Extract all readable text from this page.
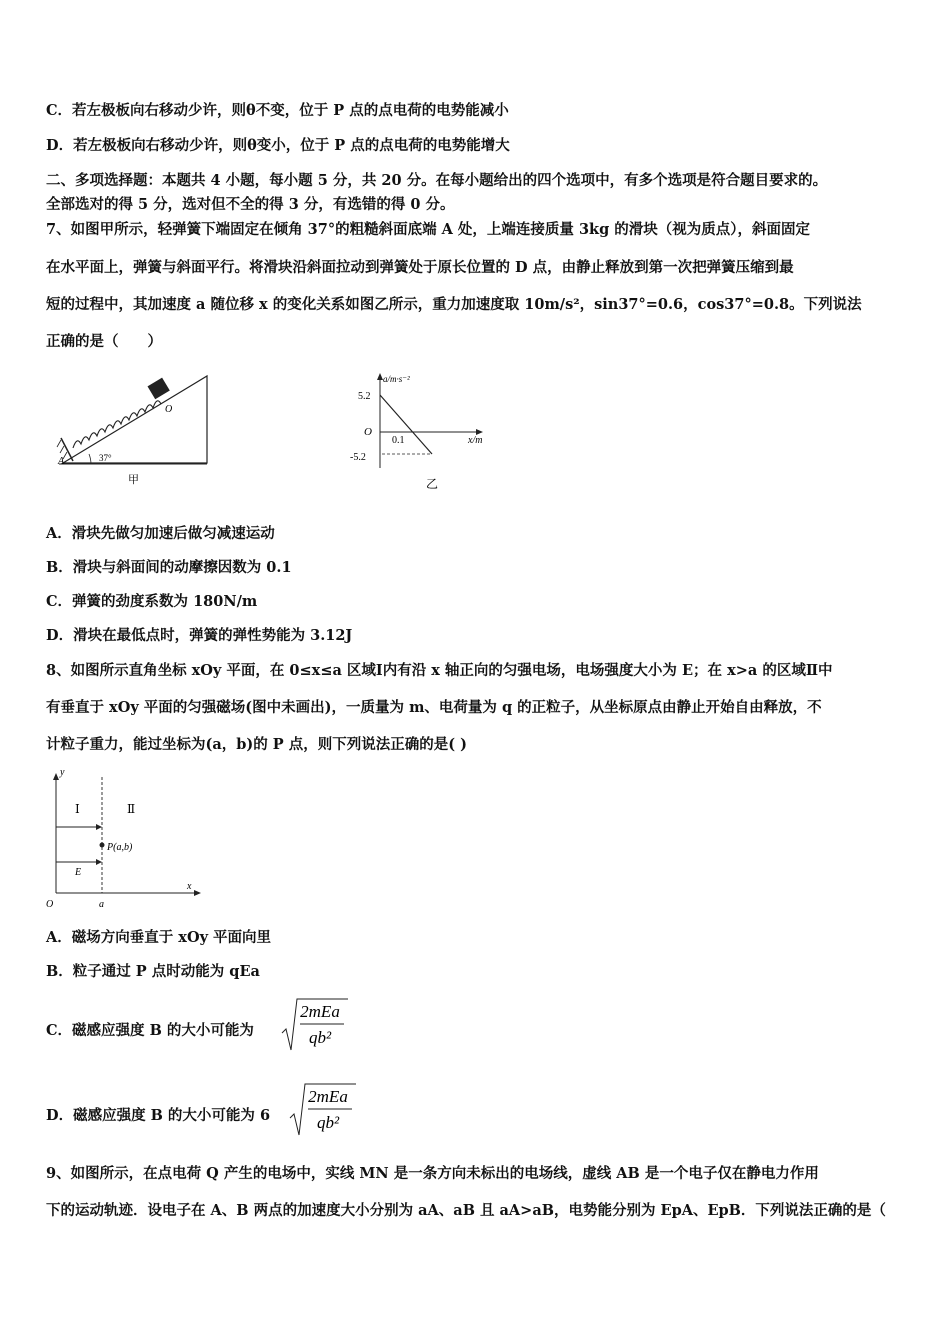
C．若左极板向右移动少许，则θ不变，位于 P 点的点电荷的电势能减小
D．若左极板向右移动少许，则θ变小，位于 P 点的点电荷的电势能增大
二、多项选择题：本题共 4 小题，每小题 5 分，共 20 分。在每小题给出的四个选项中，有多个选项是符合题目要求的。
全部选对的得 5 分，选对但不全的得 3 分，有选错的得 0 分。
7、如图甲所示，轻弹簧下端固定在倾角 37°的粗糙斜面底端 A 处，上端连接质量 3kg 的滑块（视为质点），斜面固定
在水平面上，弹簧与斜面平行。将滑块沿斜面拉动到弹簧处于原长位置的 D 点，由静止释放到第一次把弹簧压缩到最
短的过程中，其加速度 a 随位移 x 的变化关系如图乙所示，重力加速度取 10m/s²，sin37°=0.6，cos37°=0.8。下列说法
正确的是（　　）
O
A	37°
甲
a/m·s⁻²
5.2
O
0.1	x/m
-5.2
乙
A．滑块先做匀加速后做匀减速运动
B．滑块与斜面间的动摩擦因数为 0.1
C．弹簧的劲度系数为 180N/m
D．滑块在最低点时，弹簧的弹性势能为 3.12J
8、如图所示直角坐标 xOy 平面，在 0≤x≤a 区域Ⅰ内有沿 x 轴正向的匀强电场，电场强度大小为 E；在 x>a 的区域Ⅱ中
有垂直于 xOy 平面的匀强磁场(图中未画出)，一质量为 m、电荷量为 q 的正粒子，从坐标原点由静止开始自由释放，不
计粒子重力，能过坐标为(a，b)的 P 点，则下列说法正确的是( )
y
x
O	a
Ⅰ	Ⅱ
P(a,b)
E
A．磁场方向垂直于 xOy 平面向里
B．粒子通过 P 点时动能为 qEa
C．磁感应强度 B 的大小可能为
2mEa
qb²
D．磁感应强度 B 的大小可能为 6
2mEa
qb²
9、如图所示，在点电荷 Q 产生的电场中，实线 MN 是一条方向未标出的电场线，虚线 AB 是一个电子仅在静电力作用
下的运动轨迹．设电子在 A、B 两点的加速度大小分别为 aA、aB 且 aA>aB，电势能分别为 EpA、EpB．下列说法正确的是（
